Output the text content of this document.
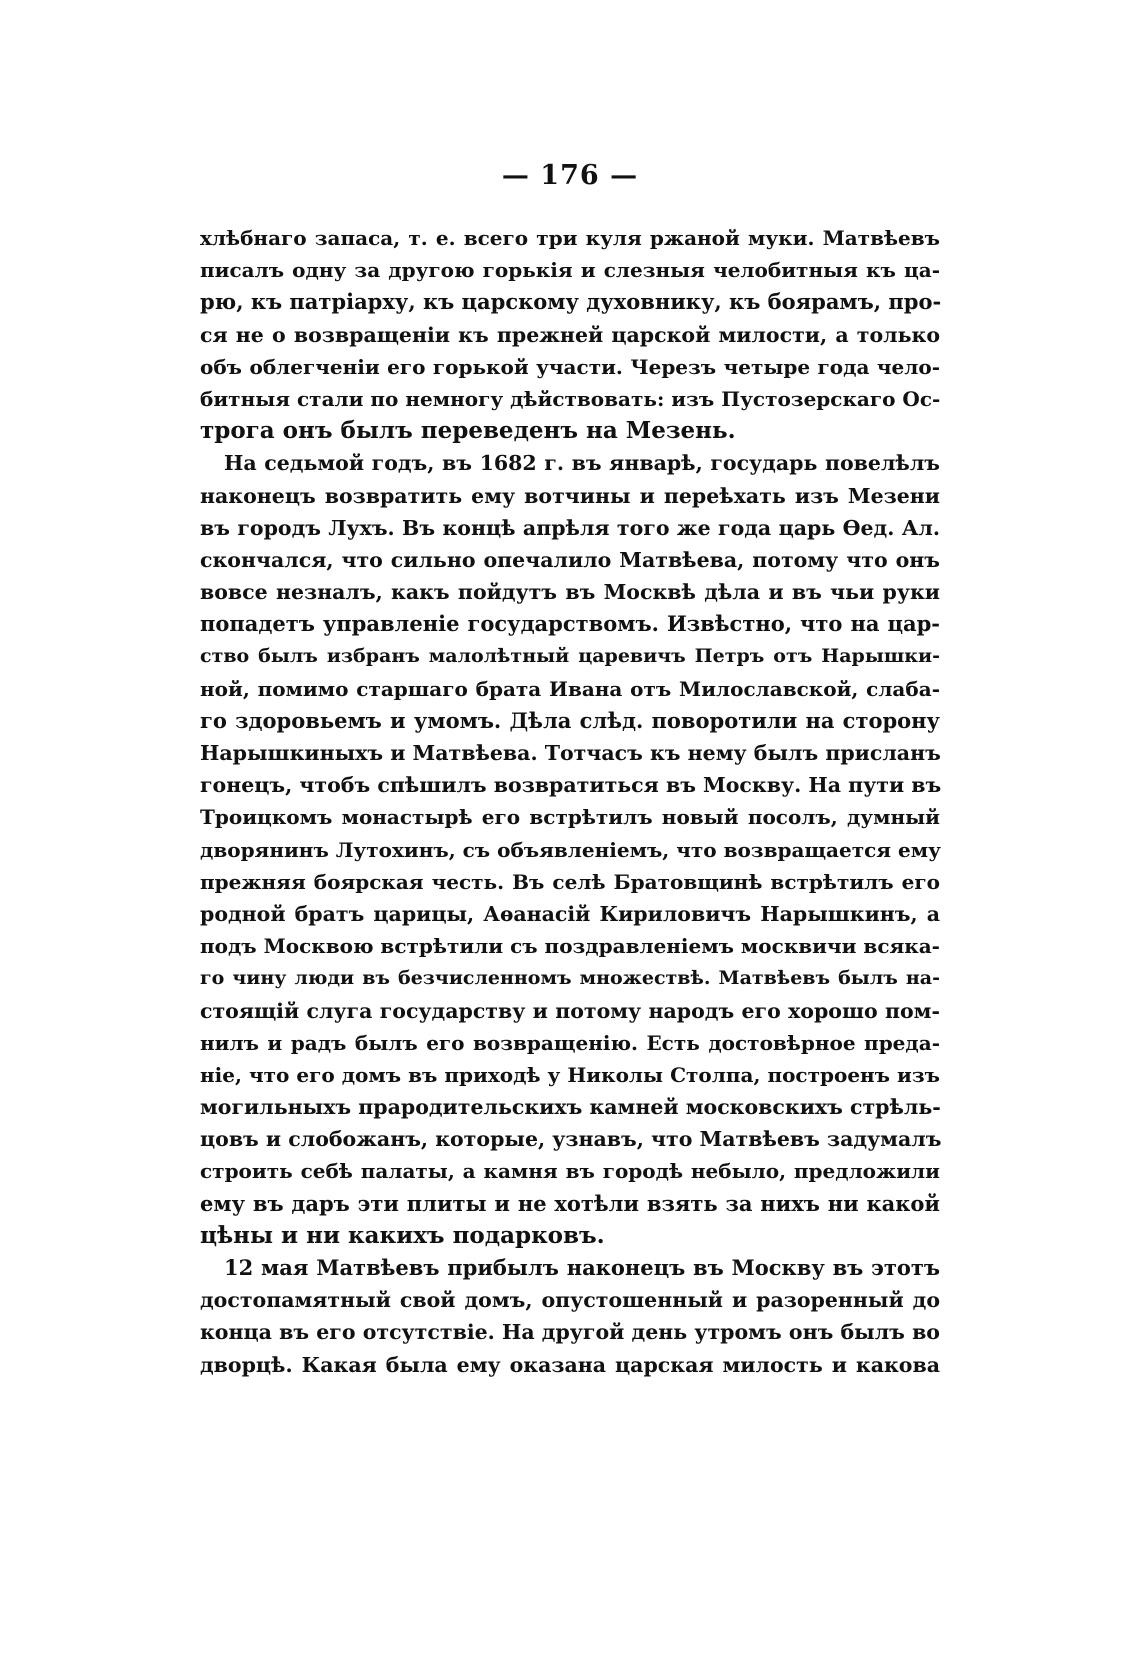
— 176 —
хлѣбнаго запаса, т. е. всего три куля ржаной муки. Матвѣевъ
писалъ одну за другою горькія и слезныя челобитныя къ ца-
рю, къ патріарху, къ царскому духовнику, къ боярамъ, про-
ся не о возвращеніи къ прежней царской милости, а только
объ облегченіи его горькой участи. Черезъ четыре года чело-
битныя стали по немногу дѣйствовать: изъ Пустозерскаго Ос-
трога онъ былъ переведенъ на Мезень.
На седьмой годъ, въ 1682 г. въ январѣ, государь повелѣлъ
наконецъ возвратить ему вотчины и переѣхать изъ Мезени
въ городъ Лухъ. Въ концѣ апрѣля того же года царь Ѳед. Ал.
скончался, что сильно опечалило Матвѣева, потому что онъ
вовсе незналъ, какъ пойдутъ въ Москвѣ дѣла и въ чьи руки
попадетъ управленіе государствомъ. Извѣстно, что на цар-
ство былъ избранъ малолѣтный царевичъ Петръ отъ Нарышки-
ной, помимо старшаго брата Ивана отъ Милославской, слаба-
го здоровьемъ и умомъ. Дѣла слѣд. поворотили на сторону
Нарышкиныхъ и Матвѣева. Тотчасъ къ нему былъ присланъ
гонецъ, чтобъ спѣшилъ возвратиться въ Москву. На пути въ
Троицкомъ монастырѣ его встрѣтилъ новый посолъ, думный
дворянинъ Лутохинъ, съ объявленіемъ, что возвращается ему
прежняя боярская честь. Въ селѣ Братовщинѣ встрѣтилъ его
родной братъ царицы, Аѳанасій Кириловичъ Нарышкинъ, а
подъ Москвою встрѣтили съ поздравленіемъ москвичи всяка-
го чину люди въ безчисленномъ множествѣ. Матвѣевъ былъ на-
стоящій слуга государству и потому народъ его хорошо пом-
нилъ и радъ былъ его возвращенію. Есть достовѣрное преда-
ніе, что его домъ въ приходѣ у Николы Столпа, построенъ изъ
могильныхъ прародительскихъ камней московскихъ стрѣль-
цовъ и слобожанъ, которые, узнавъ, что Матвѣевъ задумалъ
строить себѣ палаты, а камня въ городѣ небыло, предложили
ему въ даръ эти плиты и не хотѣли взять за нихъ ни какой
цѣны и ни какихъ подарковъ.
12 мая Матвѣевъ прибылъ наконецъ въ Москву въ этотъ
достопамятный свой домъ, опустошенный и разоренный до
конца въ его отсутствіе. На другой день утромъ онъ былъ во
дворцѣ. Какая была ему оказана царская милость и какова
